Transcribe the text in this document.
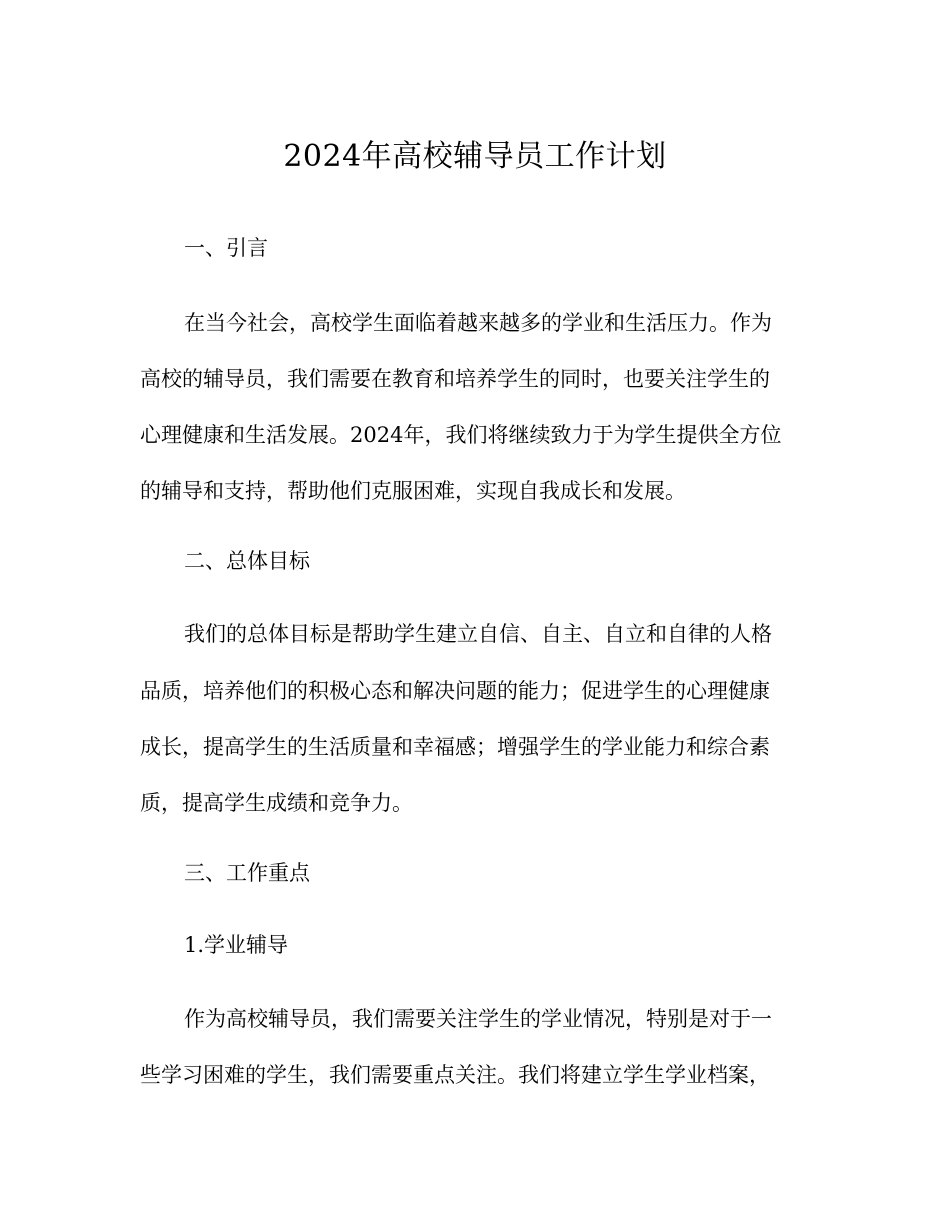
2024年高校辅导员工作计划
一、引言
在当今社会，高校学生面临着越来越多的学业和生活压力。作为
高校的辅导员，我们需要在教育和培养学生的同时，也要关注学生的
心理健康和生活发展。2024年，我们将继续致力于为学生提供全方位
的辅导和支持，帮助他们克服困难，实现自我成长和发展。
二、总体目标
我们的总体目标是帮助学生建立自信、自主、自立和自律的人格
品质，培养他们的积极心态和解决问题的能力；促进学生的心理健康
成长，提高学生的生活质量和幸福感；增强学生的学业能力和综合素
质，提高学生成绩和竞争力。
三、工作重点
1.学业辅导
作为高校辅导员，我们需要关注学生的学业情况，特别是对于一
些学习困难的学生，我们需要重点关注。我们将建立学生学业档案，
